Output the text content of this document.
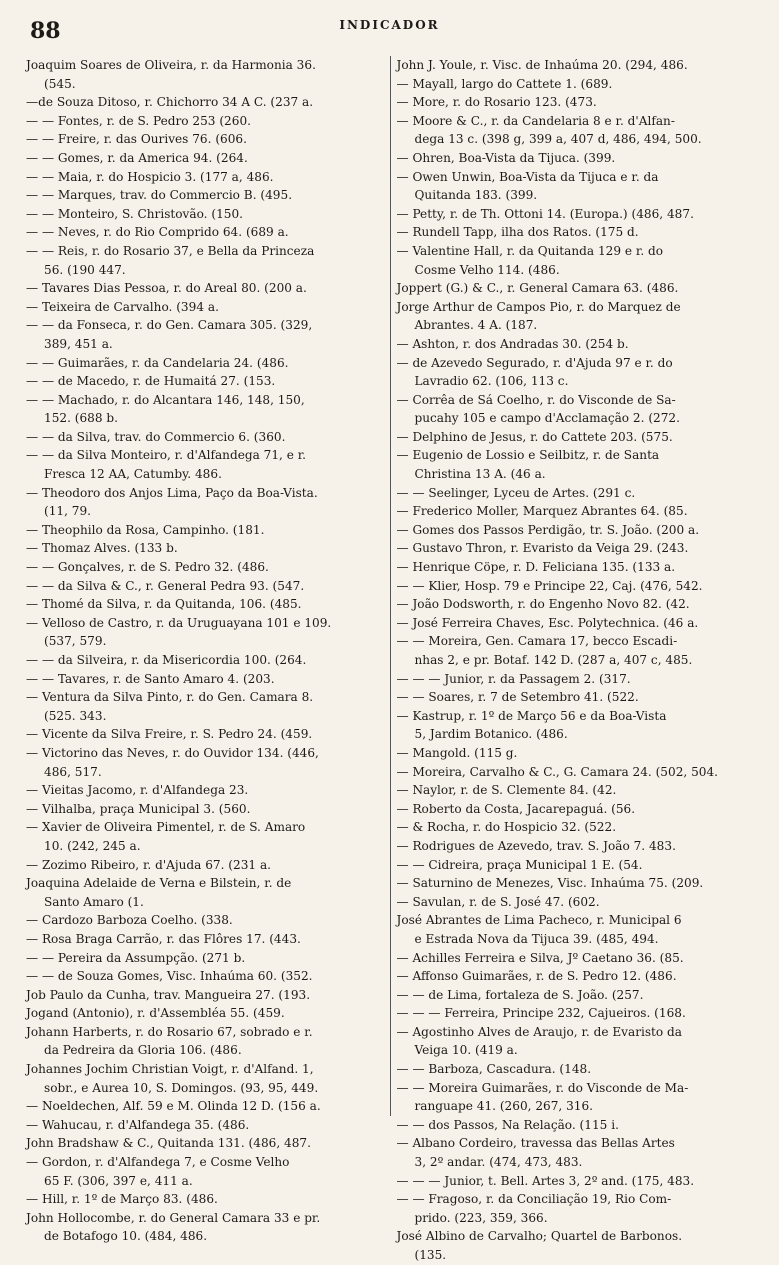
88	INDICADOR
Joaquim Soares de Oliveira, r. da Harmonia 36.
(545.
—de Souza Ditoso, r. Chichorro 34 A C. (237 a.
— — Fontes, r. de S. Pedro 253 (260.
— — Freire, r. das Ourives 76. (606.
— — Gomes, r. da America 94. (264.
— — Maia, r. do Hospicio 3. (177 a, 486.
— — Marques, trav. do Commercio B. (495.
— — Monteiro, S. Christovão. (150.
— — Neves, r. do Rio Comprido 64. (689 a.
— — Reis, r. do Rosario 37, e Bella da Princeza
56. (190 447.
— Tavares Dias Pessoa, r. do Areal 80. (200 a.
— Teixeira de Carvalho. (394 a.
— — da Fonseca, r. do Gen. Camara 305. (329,
389, 451 a.
— — Guimarães, r. da Candelaria 24. (486.
— — de Macedo, r. de Humaitá 27. (153.
— — Machado, r. do Alcantara 146, 148, 150,
152. (688 b.
— — da Silva, trav. do Commercio 6. (360.
— — da Silva Monteiro, r. d'Alfandega 71, e r.
Fresca 12 AA, Catumby. 486.
— Theodoro dos Anjos Lima, Paço da Boa-Vista.
(11, 79.
— Theophilo da Rosa, Campinho. (181.
— Thomaz Alves. (133 b.
— — Gonçalves, r. de S. Pedro 32. (486.
— — da Silva & C., r. General Pedra 93. (547.
— Thomé da Silva, r. da Quitanda, 106. (485.
— Velloso de Castro, r. da Uruguayana 101 e 109.
(537, 579.
— — da Silveira, r. da Misericordia 100. (264.
— — Tavares, r. de Santo Amaro 4. (203.
— Ventura da Silva Pinto, r. do Gen. Camara 8.
(525. 343.
— Vicente da Silva Freire, r. S. Pedro 24. (459.
— Victorino das Neves, r. do Ouvidor 134. (446,
486, 517.
— Vieitas Jacomo, r. d'Alfandega 23.
— Vilhalba, praça Municipal 3. (560.
— Xavier de Oliveira Pimentel, r. de S. Amaro
10. (242, 245 a.
— Zozimo Ribeiro, r. d'Ajuda 67. (231 a.
Joaquina Adelaide de Verna e Bilstein, r. de
Santo Amaro (1.
— Cardozo Barboza Coelho. (338.
— Rosa Braga Carrão, r. das Flôres 17. (443.
— — Pereira da Assumpção. (271 b.
— — de Souza Gomes, Visc. Inhaúma 60. (352.
Job Paulo da Cunha, trav. Mangueira 27. (193.
Jogand (Antonio), r. d'Assembléa 55. (459.
Johann Harberts, r. do Rosario 67, sobrado e r.
da Pedreira da Gloria 106. (486.
Johannes Jochim Christian Voigt, r. d'Alfand. 1,
sobr., e Aurea 10, S. Domingos. (93, 95, 449.
— Noeldechen, Alf. 59 e M. Olinda 12 D. (156 a.
— Wahucau, r. d'Alfandega 35. (486.
John Bradshaw & C., Quitanda 131. (486, 487.
— Gordon, r. d'Alfandega 7, e Cosme Velho
65 F. (306, 397 e, 411 a.
— Hill, r. 1º de Março 83. (486.
John Hollocombe, r. do General Camara 33 e pr.
de Botafogo 10. (484, 486.
John J. Youle, r. Visc. de Inhaúma 20. (294, 486.
— Mayall, largo do Cattete 1. (689.
— More, r. do Rosario 123. (473.
— Moore & C., r. da Candelaria 8 e r. d'Alfan-
dega 13 c. (398 g, 399 a, 407 d, 486, 494, 500.
— Ohren, Boa-Vista da Tijuca. (399.
— Owen Unwin, Boa-Vista da Tijuca e r. da
Quitanda 183. (399.
— Petty, r. de Th. Ottoni 14. (Europa.) (486, 487.
— Rundell Tapp, ilha dos Ratos. (175 d.
— Valentine Hall, r. da Quitanda 129 e r. do
Cosme Velho 114. (486.
Joppert (G.) & C., r. General Camara 63. (486.
Jorge Arthur de Campos Pio, r. do Marquez de
Abrantes. 4 A. (187.
— Ashton, r. dos Andradas 30. (254 b.
— de Azevedo Segurado, r. d'Ajuda 97 e r. do
Lavradio 62. (106, 113 c.
— Corrêa de Sá Coelho, r. do Visconde de Sa-
pucahy 105 e campo d'Acclamação 2. (272.
— Delphino de Jesus, r. do Cattete 203. (575.
— Eugenio de Lossio e Seilbitz, r. de Santa
Christina 13 A. (46 a.
— — Seelinger, Lyceu de Artes. (291 c.
— Frederico Moller, Marquez Abrantes 64. (85.
— Gomes dos Passos Perdigão, tr. S. João. (200 a.
— Gustavo Thron, r. Evaristo da Veiga 29. (243.
— Henrique Cöpe, r. D. Feliciana 135. (133 a.
— — Klier, Hosp. 79 e Principe 22, Caj. (476, 542.
— João Dodsworth, r. do Engenho Novo 82. (42.
— José Ferreira Chaves, Esc. Polytechnica. (46 a.
— — Moreira, Gen. Camara 17, becco Escadi-
nhas 2, e pr. Botaf. 142 D. (287 a, 407 c, 485.
— — — Junior, r. da Passagem 2. (317.
— — Soares, r. 7 de Setembro 41. (522.
— Kastrup, r. 1º de Março 56 e da Boa-Vista
5, Jardim Botanico. (486.
— Mangold. (115 g.
— Moreira, Carvalho & C., G. Camara 24. (502, 504.
— Naylor, r. de S. Clemente 84. (42.
— Roberto da Costa, Jacarepaguá. (56.
— & Rocha, r. do Hospicio 32. (522.
— Rodrigues de Azevedo, trav. S. João 7. 483.
— — Cidreira, praça Municipal 1 E. (54.
— Saturnino de Menezes, Visc. Inhaúma 75. (209.
— Savulan, r. de S. José 47. (602.
José Abrantes de Lima Pacheco, r. Municipal 6
e Estrada Nova da Tijuca 39. (485, 494.
— Achilles Ferreira e Silva, Jº Caetano 36. (85.
— Affonso Guimarães, r. de S. Pedro 12. (486.
— — de Lima, fortaleza de S. João. (257.
— — — Ferreira, Principe 232, Cajueiros. (168.
— Agostinho Alves de Araujo, r. de Evaristo da
Veiga 10. (419 a.
— — Barboza, Cascadura. (148.
— — Moreira Guimarães, r. do Visconde de Ma-
ranguape 41. (260, 267, 316.
— — dos Passos, Na Relação. (115 i.
— Albano Cordeiro, travessa das Bellas Artes
3, 2º andar. (474, 473, 483.
— — — Junior, t. Bell. Artes 3, 2º and. (175, 483.
— — Fragoso, r. da Conciliação 19, Rio Com-
prido. (223, 359, 366.
José Albino de Carvalho; Quartel de Barbonos.
(135.
